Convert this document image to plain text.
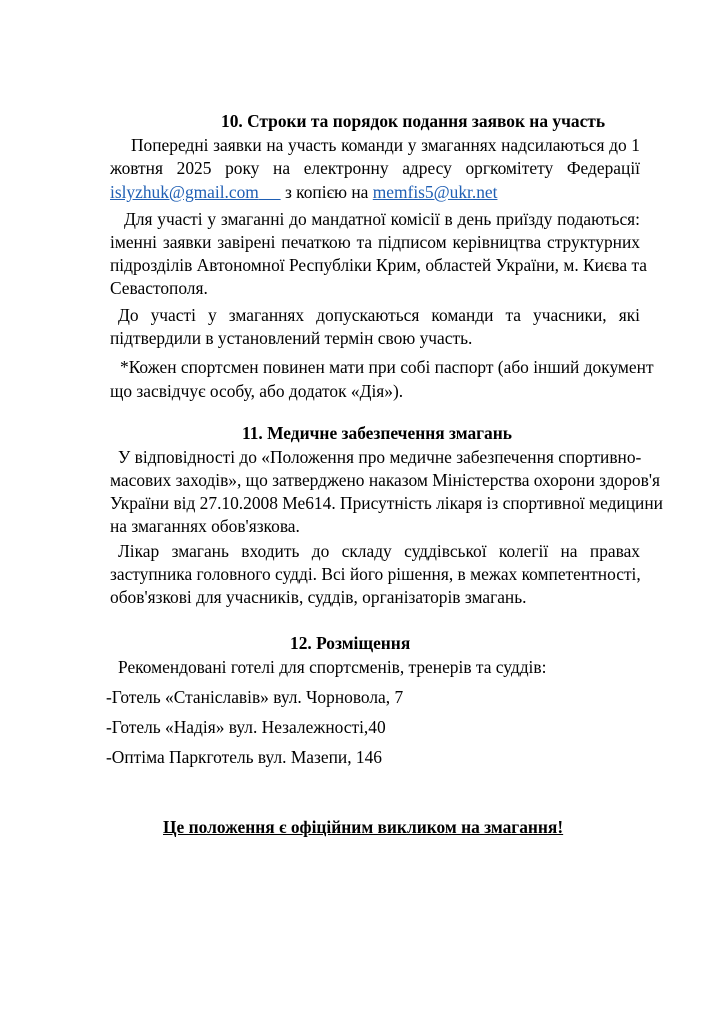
10. Строки та порядок подання заявок на участь
Попередні заявки на участь команди у змаганнях надсилаються до 1
жовтня 2025 року на електронну адресу оргкомітету Федерації
islyzhuk@gmail.com з копією на memfis5@ukr.net
Для участі у змаганні до мандатної комісії в день приїзду подаються:
іменні заявки завірені печаткою та підписом керівництва структурних
підрозділів Автономної Республіки Крим, областей України, м. Києва та
Севастополя.
До участі у змаганнях допускаються команди та учасники, які
підтвердили в установлений термін свою участь.
*Кожен спортсмен повинен мати при собі паспорт (або інший документ
що засвідчує особу, або додаток «Дія»).
11. Медичне забезпечення змагань
У відповідності до «Положення про медичне забезпечення спортивно-
масових заходів», що затверджено наказом Міністерства охорони здоров'я
України від 27.10.2008 Ме614. Присутність лікаря із спортивної медицини
на змаганнях обов'язкова.
Лікар змагань входить до складу суддівської колегії на правах
заступника головного судді. Всі його рішення, в межах компетентності,
обов'язкові для учасників, суддів, організаторів змагань.
12. Розміщення
Рекомендовані готелі для спортсменів, тренерів та суддів:
-Готель «Станіславів» вул. Чорновола, 7
-Готель «Надія» вул. Незалежності,40
-Оптіма Паркготель вул. Мазепи, 146
Це положення є офіційним викликом на змагання!
